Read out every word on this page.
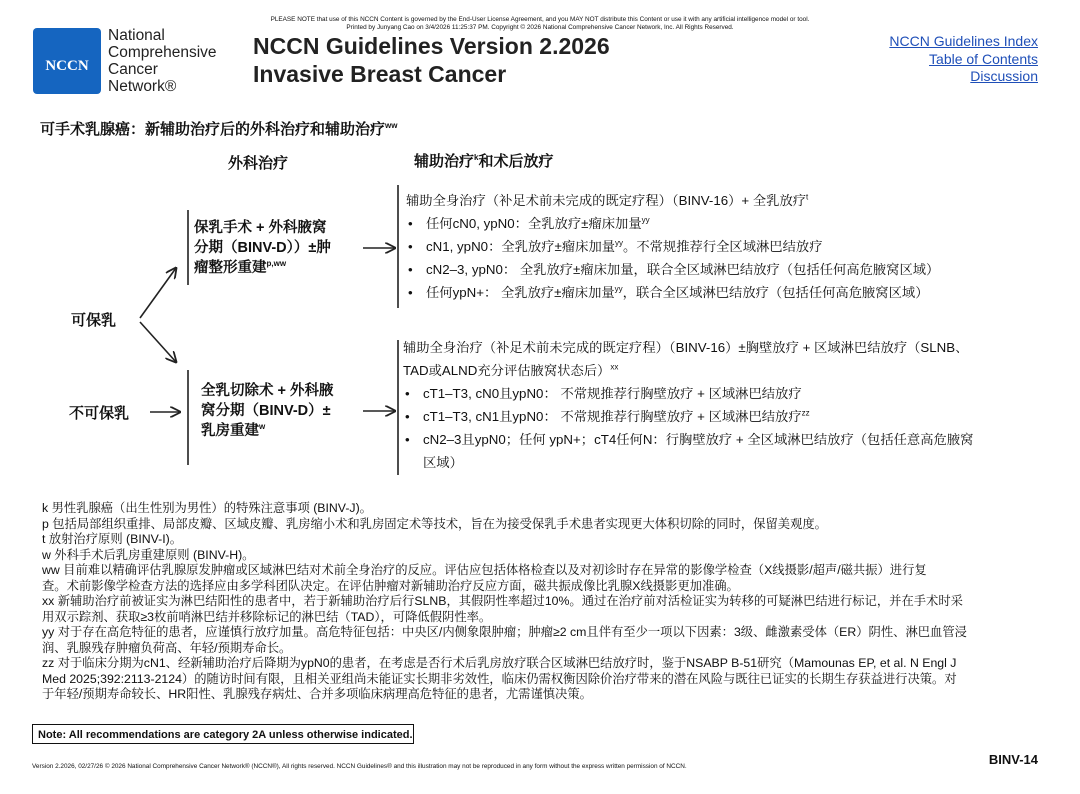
PLEASE NOTE that use of this NCCN Content is governed by the End-User License Agreement, and you MAY NOT distribute this Content or use it with any artificial intelligence model or tool.
Printed by Junyang Cao on 3/4/2026 11:25:37 PM. Copyright © 2026 National Comprehensive Cancer Network, Inc. All Rights Reserved.
NCCN
National
Comprehensive
Cancer
Network®
NCCN Guidelines Version 2.2026
Invasive Breast Cancer
NCCN Guidelines Index
Table of Contents
Discussion
可手术乳腺癌：新辅助治疗后的外科治疗和辅助治疗$^{ww}$
外科治疗	辅助治疗$^k$和术后放疗
可保乳
不可保乳
保乳手术 + 外科腋窝
分期（BINV-D））±肿
瘤整形重建$^{p,ww}$
全乳切除术 + 外科腋
窝分期（BINV-D）±
乳房重建$^w$
辅助全身治疗（补足术前未完成的既定疗程）（BINV-16）+ 全乳放疗$^t$
• 任何cN0, ypN0：全乳放疗±瘤床加量$^{yy}$
• cN1, ypN0：全乳放疗±瘤床加量$^{yy}$。不常规推荐行全区域淋巴结放疗
• cN2–3, ypN0： 全乳放疗±瘤床加量，联合全区域淋巴结放疗（包括任何高危腋窝区域）
• 任何ypN+： 全乳放疗±瘤床加量$^{yy}$，联合全区域淋巴结放疗（包括任何高危腋窝区域）
辅助全身治疗（补足术前未完成的既定疗程）（BINV-16）±胸壁放疗 + 区域淋巴结放疗（SLNB、
TAD或ALND充分评估腋窝状态后）$^{xx}$
• cT1–T3, cN0且ypN0： 不常规推荐行胸壁放疗 + 区域淋巴结放疗
• cT1–T3, cN1且ypN0： 不常规推荐行胸壁放疗 + 区域淋巴结放疗$^{zz}$
• cN2–3且ypN0；任何 ypN+；cT4任何N：行胸壁放疗 + 全区域淋巴结放疗（包括任意高危腋窝
区域）
k 男性乳腺癌（出生性别为男性）的特殊注意事项 (BINV-J)。
p 包括局部组织重排、局部皮瓣、区域皮瓣、乳房缩小术和乳房固定术等技术，旨在为接受保乳手术患者实现更大体积切除的同时，保留美观度。
t 放射治疗原则 (BINV-I)。
w 外科手术后乳房重建原则 (BINV-H)。
ww 目前难以精确评估乳腺原发肿瘤或区域淋巴结对术前全身治疗的反应。评估应包括体格检查以及对初诊时存在异常的影像学检查（X线摄影/超声/磁共振）进行复
查。术前影像学检查方法的选择应由多学科团队决定。在评估肿瘤对新辅助治疗反应方面，磁共振成像比乳腺X线摄影更加准确。
xx 新辅助治疗前被证实为淋巴结阳性的患者中，若于新辅助治疗后行SLNB，其假阴性率超过10%。通过在治疗前对活检证实为转移的可疑淋巴结进行标记，并在手术时采
用双示踪剂、获取≥3枚前哨淋巴结并移除标记的淋巴结（TAD），可降低假阴性率。
yy 对于存在高危特征的患者，应谨慎行放疗加量。高危特征包括：中央区/内侧象限肿瘤；肿瘤≥2 cm且伴有至少一项以下因素：3级、雌激素受体（ER）阴性、淋巴血管浸
润、乳腺残存肿瘤负荷高、年轻/预期寿命长。
zz 对于临床分期为cN1、经新辅助治疗后降期为ypN0的患者，在考虑是否行术后乳房放疗联合区域淋巴结放疗时，鉴于NSABP B-51研究（Mamounas EP, et al. N Engl J
Med 2025;392:2113-2124）的随访时间有限，且相关亚组尚未能证实长期非劣效性，临床仍需权衡因除价治疗带来的潜在风险与既往已证实的长期生存获益进行决策。对
于年轻/预期寿命较长、HR阳性、乳腺残存病灶、合并多项临床病理高危特征的患者，尤需谨慎决策。
Note: All recommendations are category 2A unless otherwise indicated.
BINV-14
Version 2.2026, 02/27/26 © 2026 National Comprehensive Cancer Network® (NCCN®), All rights reserved. NCCN Guidelines® and this illustration may not be reproduced in any form without the express written permission of NCCN.
